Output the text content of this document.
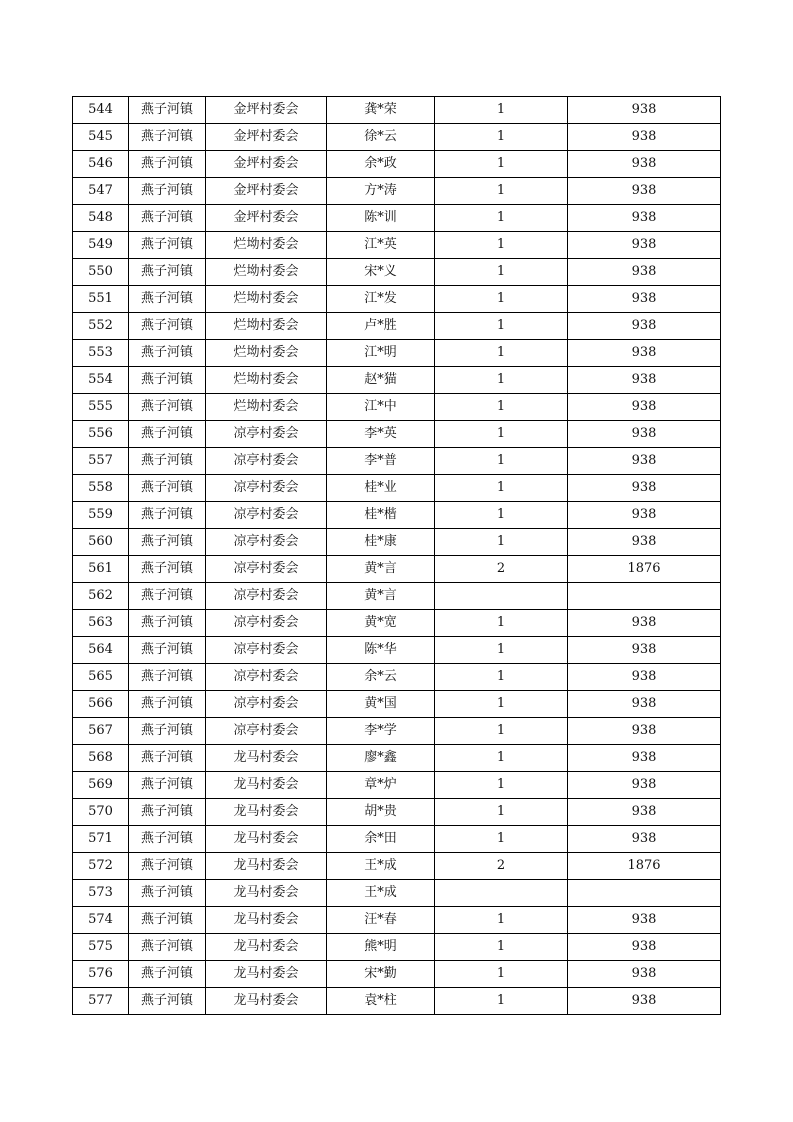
544	燕子河镇	金坪村委会	龚*荣	1	938
545	燕子河镇	金坪村委会	徐*云	1	938
546	燕子河镇	金坪村委会	余*政	1	938
547	燕子河镇	金坪村委会	方*涛	1	938
548	燕子河镇	金坪村委会	陈*训	1	938
549	燕子河镇	烂坳村委会	江*英	1	938
550	燕子河镇	烂坳村委会	宋*义	1	938
551	燕子河镇	烂坳村委会	江*发	1	938
552	燕子河镇	烂坳村委会	卢*胜	1	938
553	燕子河镇	烂坳村委会	江*明	1	938
554	燕子河镇	烂坳村委会	赵*猫	1	938
555	燕子河镇	烂坳村委会	江*中	1	938
556	燕子河镇	凉亭村委会	李*英	1	938
557	燕子河镇	凉亭村委会	李*普	1	938
558	燕子河镇	凉亭村委会	桂*业	1	938
559	燕子河镇	凉亭村委会	桂*楷	1	938
560	燕子河镇	凉亭村委会	桂*康	1	938
561	燕子河镇	凉亭村委会	黄*言	2	1876
562	燕子河镇	凉亭村委会	黄*言		
563	燕子河镇	凉亭村委会	黄*宽	1	938
564	燕子河镇	凉亭村委会	陈*华	1	938
565	燕子河镇	凉亭村委会	余*云	1	938
566	燕子河镇	凉亭村委会	黄*国	1	938
567	燕子河镇	凉亭村委会	李*学	1	938
568	燕子河镇	龙马村委会	廖*鑫	1	938
569	燕子河镇	龙马村委会	章*炉	1	938
570	燕子河镇	龙马村委会	胡*贵	1	938
571	燕子河镇	龙马村委会	余*田	1	938
572	燕子河镇	龙马村委会	王*成	2	1876
573	燕子河镇	龙马村委会	王*成		
574	燕子河镇	龙马村委会	汪*春	1	938
575	燕子河镇	龙马村委会	熊*明	1	938
576	燕子河镇	龙马村委会	宋*勤	1	938
577	燕子河镇	龙马村委会	袁*柱	1	938
